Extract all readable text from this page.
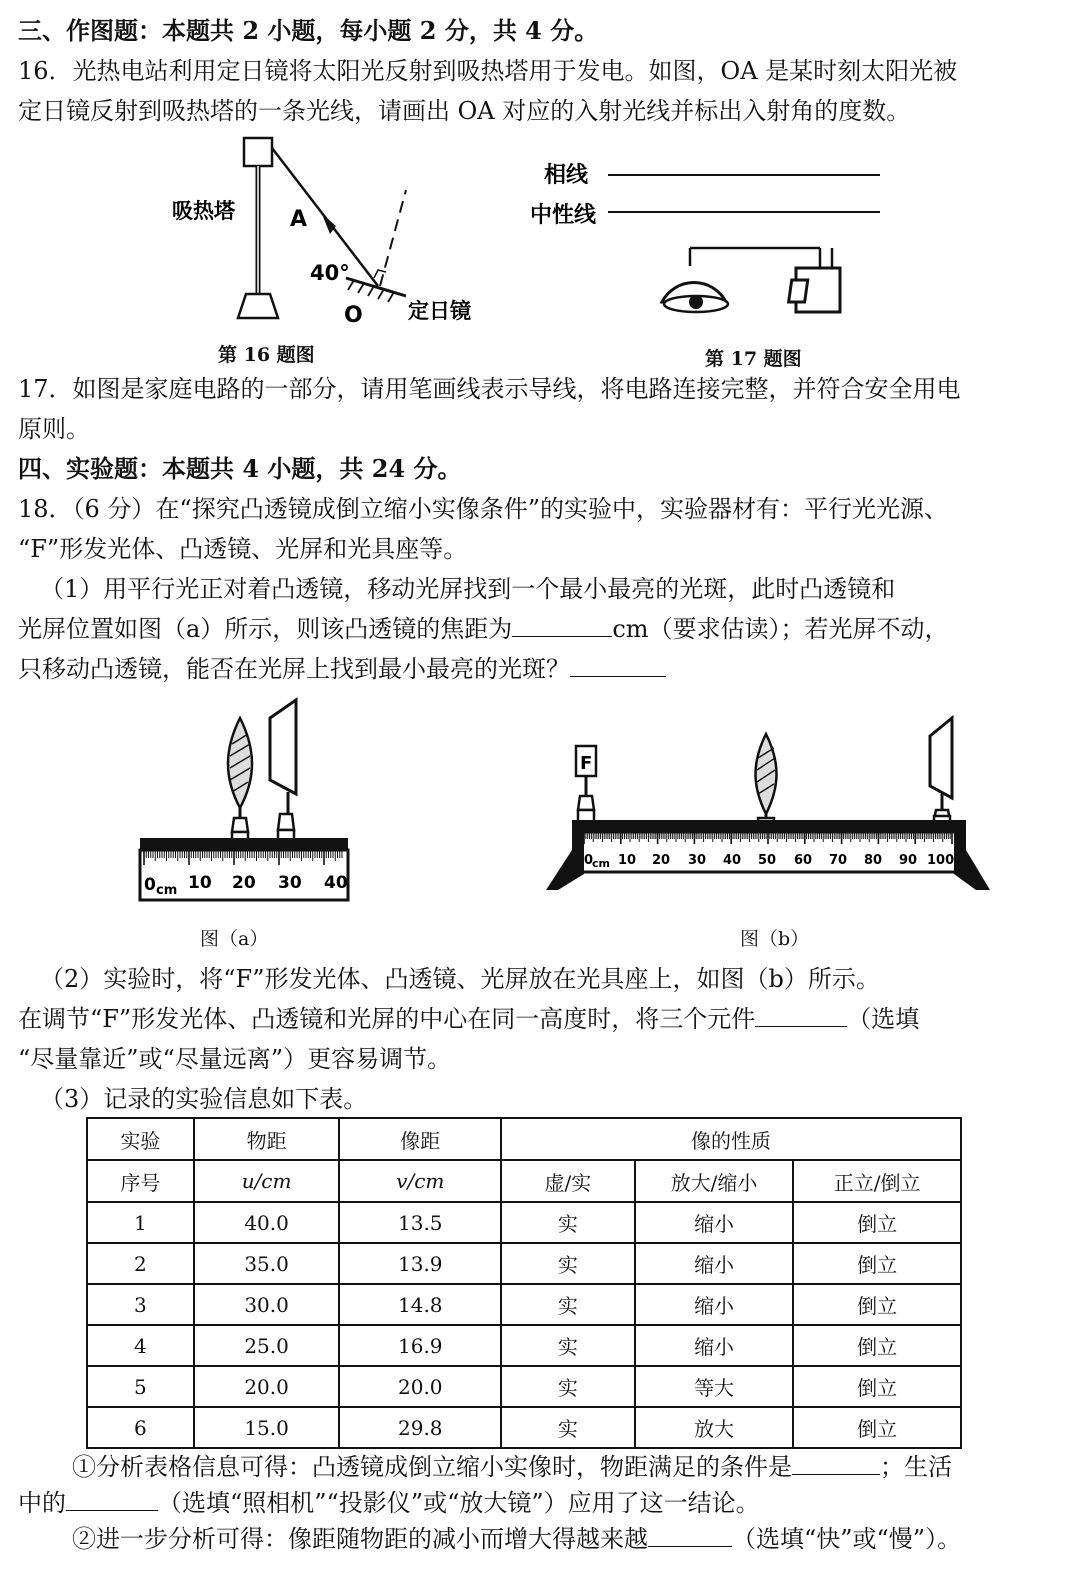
三、作图题：本题共 2 小题，每小题 2 分，共 4 分。
16．光热电站利用定日镜将太阳光反射到吸热塔用于发电。如图，OA 是某时刻太阳光被
定日镜反射到吸热塔的一条光线，请画出 OA 对应的入射光线并标出入射角的度数。
吸热塔	A
40°
O 定日镜
第 16 题图
相线
中性线
第 17 题图
17．如图是家庭电路的一部分，请用笔画线表示导线，将电路连接完整，并符合安全用电
原则。
四、实验题：本题共 4 小题，共 24 分。
18．（6 分）在“探究凸透镜成倒立缩小实像条件”的实验中，实验器材有：平行光光源、
“F”形发光体、凸透镜、光屏和光具座等。
（1）用平行光正对着凸透镜，移动光屏找到一个最小最亮的光斑，此时凸透镜和
光屏位置如图（a）所示，则该凸透镜的焦距为	cm（要求估读）；若光屏不动，
只移动凸透镜，能否在光屏上找到最小最亮的光斑？
0 cm 10 20 30 40
图（a）
F
0
cm 10 20 30 40 50 60 70 80 90 100
图（b）
（2）实验时，将“F”形发光体、凸透镜、光屏放在光具座上，如图（b）所示。
在调节“F”形发光体、凸透镜和光屏的中心在同一高度时，将三个元件	（选填
“尽量靠近”或“尽量远离”）更容易调节。
（3）记录的实验信息如下表。
实验	物距	像距	像的性质		
序号	u/cm	v/cm	虚/实	放大/缩小	正立/倒立
1	40.0	13.5	实	缩小	倒立
2	35.0	13.9	实	缩小	倒立
3	30.0	14.8	实	缩小	倒立
4	25.0	16.9	实	缩小	倒立
5	20.0	20.0	实	等大	倒立
6	15.0	29.8	实	放大	倒立
①分析表格信息可得：凸透镜成倒立缩小实像时，物距满足的条件是	；生活
中的	（选填“照相机”“投影仪”或“放大镜”）应用了这一结论。
②进一步分析可得：像距随物距的减小而增大得越来越	（选填“快”或“慢”）。
